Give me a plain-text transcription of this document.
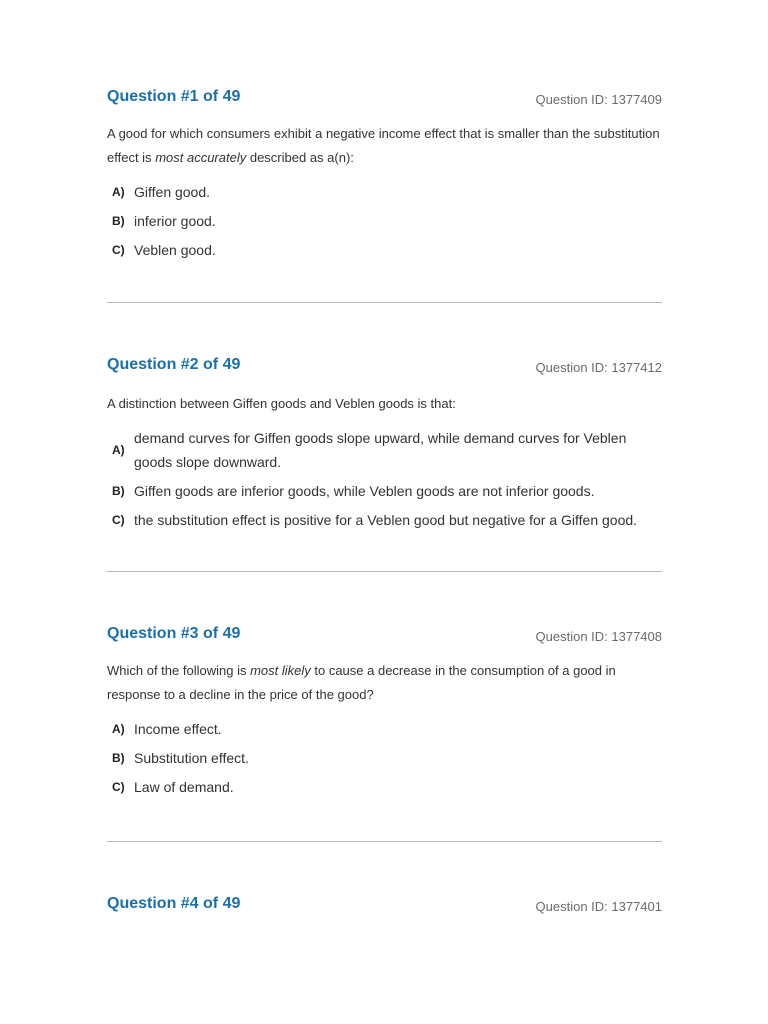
Question #1 of 49	Question ID: 1377409
A good for which consumers exhibit a negative income effect that is smaller than the substitution effect is most accurately described as a(n):
A) Giffen good.
B) inferior good.
C) Veblen good.
Question #2 of 49	Question ID: 1377412
A distinction between Giffen goods and Veblen goods is that:
A)
demand curves for Giffen goods slope upward, while demand curves for Veblen goods slope downward.
B) Giffen goods are inferior goods, while Veblen goods are not inferior goods.
C) the substitution effect is positive for a Veblen good but negative for a Giffen good.
Question #3 of 49	Question ID: 1377408
Which of the following is most likely to cause a decrease in the consumption of a good in response to a decline in the price of the good?
A) Income effect.
B) Substitution effect.
C) Law of demand.
Question #4 of 49	Question ID: 1377401
